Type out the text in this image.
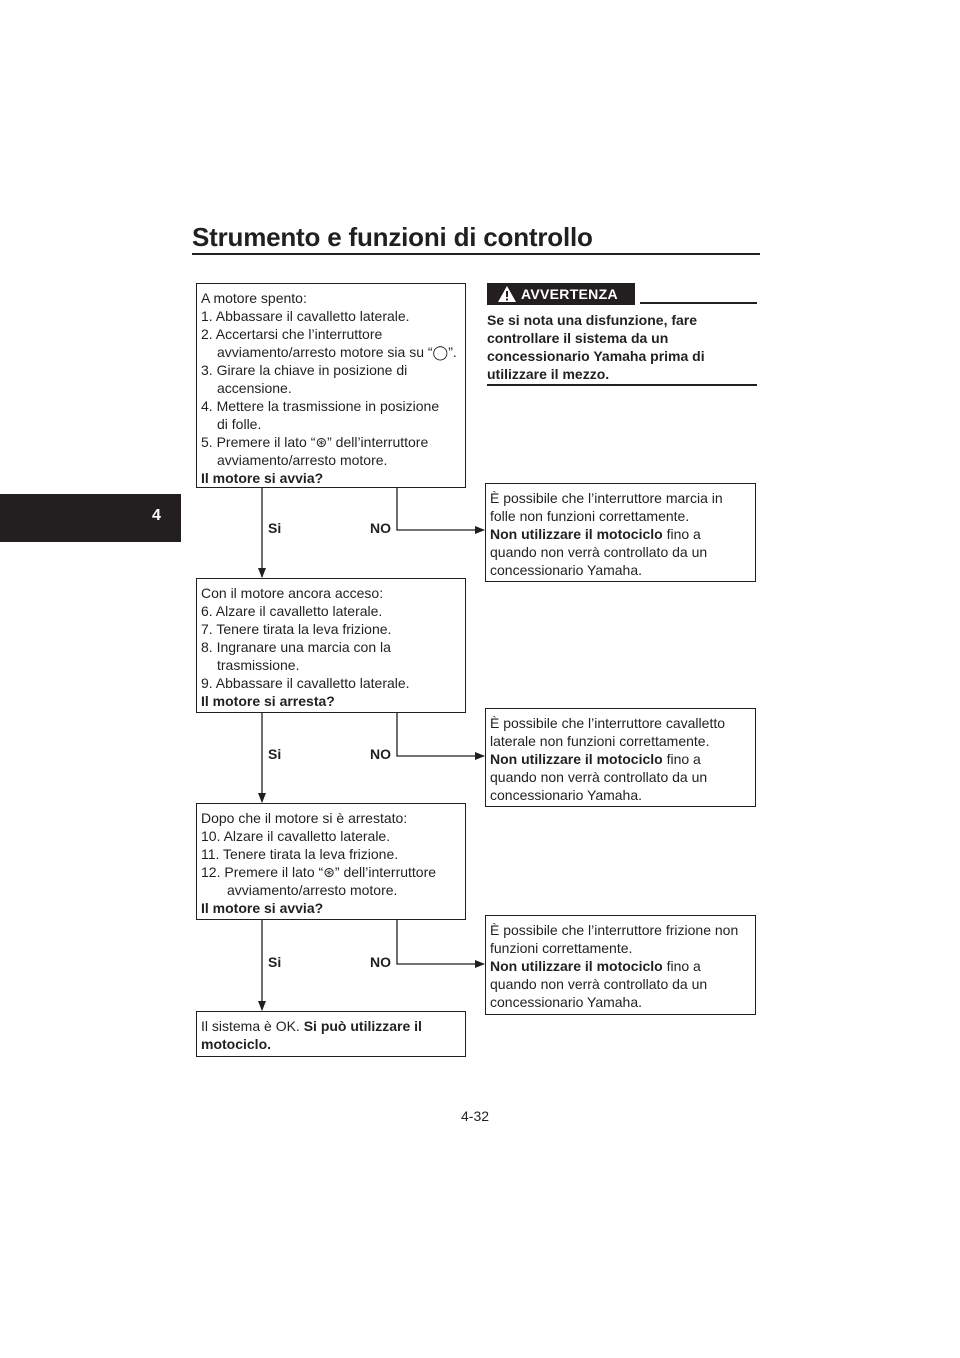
Strumento e funzioni di controllo
4
AVVERTENZA
Se si nota una disfunzione, fare controllare il sistema da un concessionario Yamaha prima di utilizzare il mezzo.

A motore spento:

1. Abbassare il cavalletto laterale.

2. Accertarsi che l’interruttore

avviamento/arresto motore sia su “◯”.

3. Girare la chiave in posizione di

accensione.

4. Mettere la trasmissione in posizione

di folle.

5. Premere il lato “⊛” dell’interruttore

avviamento/arresto motore.

Il motore si avvia?

Con il motore ancora acceso:

6. Alzare il cavalletto laterale.

7. Tenere tirata la leva frizione.

8. Ingranare una marcia con la

trasmissione.

9. Abbassare il cavalletto laterale.

Il motore si arresta?

Dopo che il motore si è arrestato:

10. Alzare il cavalletto laterale.

11. Tenere tirata la leva frizione.

12. Premere il lato “⊛” dell’interruttore

avviamento/arresto motore.

Il motore si avvia?

Il sistema è OK. Si può utilizzare il motociclo.

Si	NO
Si	NO
Si	NO

È possibile che l’interruttore marcia in

folle non funzioni correttamente.

Non utilizzare il motociclo fino a quando non verrà controllato da un concessionario Yamaha.

È possibile che l’interruttore cavalletto

laterale non funzioni correttamente.

Non utilizzare il motociclo fino a quando non verrà controllato da un concessionario Yamaha.

È possibile che l’interruttore frizione non

funzioni correttamente.

Non utilizzare il motociclo fino a quando non verrà controllato da un concessionario Yamaha.

4-32
